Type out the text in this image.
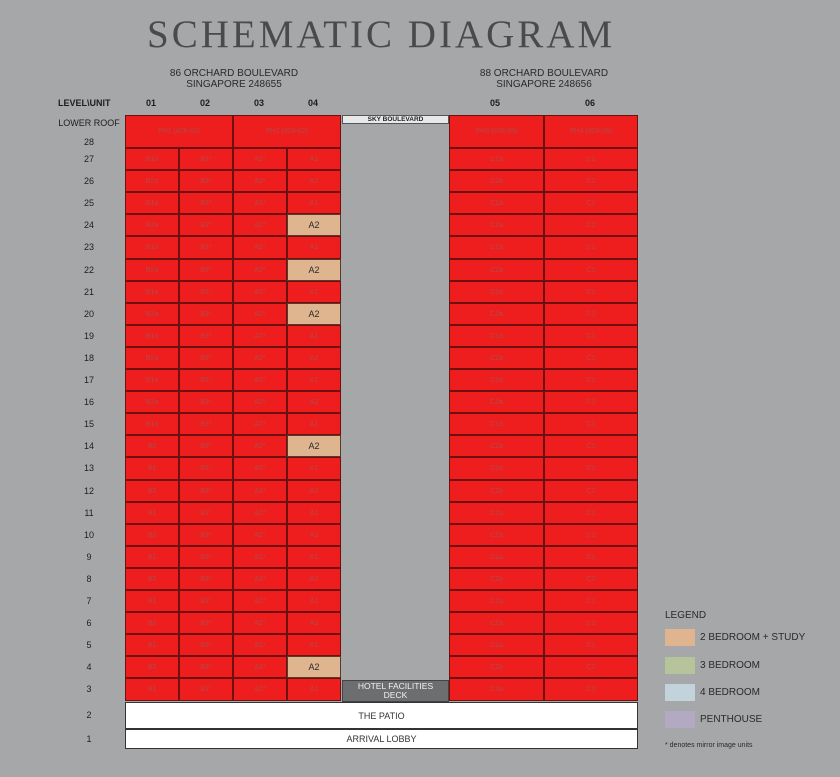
SCHEMATIC DIAGRAM
86 ORCHARD BOULEVARD
SINGAPORE 248655
88 ORCHARD BOULEVARD
SINGAPORE 248656
LEVEL\UNIT	01	02	03	04	05	06
LOWER ROOF
28
PH1 (#28-01)	PH2 (#28-02)	PH3 (#28-05)	PH4 (#28-06)
SKY BOULEVARD
27	B1a	B1*	A1*	A1	C1a	C1
26	B2a	B2*	A2*	A2	C2a	C2
25	B1a	B1*	A1*	A1	C1a	C1
24	B2a	B2*	A2*	A2	C2a	C2
23	B1a	B1*	A1*	A1	C1a	C1
22	B2a	B2*	A2*	A2	C2a	C2
21	B1a	B1*	A1*	A1	C1a	C1
20	B2a	B2*	A2*	A2	C2a	C2
19	B1a	B1*	A1*	A1	C1a	C1
18	B2a	B2*	A2*	A2	C2a	C2
17	B1a	B1*	A1*	A1	C1a	C1
16	B2a	B2*	A2*	A2	C2a	C2
15	B1a	B1*	A1*	A1	C1a	C1
14	B2	B2*	A2*	A2	C2a	C2
13	B1	B1*	A1*	A1	C1a	C1
12	B2	B2*	A2*	A2	C2a	C2
11	B1	B1*	A1*	A1	C1a	C1
10	B2	B2*	A2*	A2	C2a	C2
9	B1	B1*	A1*	A1	C1a	C1
8	B2	B2*	A2*	A2	C2a	C2
7	B1	B1*	A1*	A1	C1a	C1
6	B2	B2*	A2*	A2	C2a	C2
5	B1	B1*	A1*	A1	C1a	C1
4	B2	B2*	A2*	A2	C2a	C2
3	B1	B1*	A1*	A1	C3a	C3
HOTEL FACILITIES
DECK
2	THE PATIO
1	ARRIVAL LOBBY
LEGEND
2 BEDROOM + STUDY
3 BEDROOM
4 BEDROOM
PENTHOUSE
* denotes mirror image units
